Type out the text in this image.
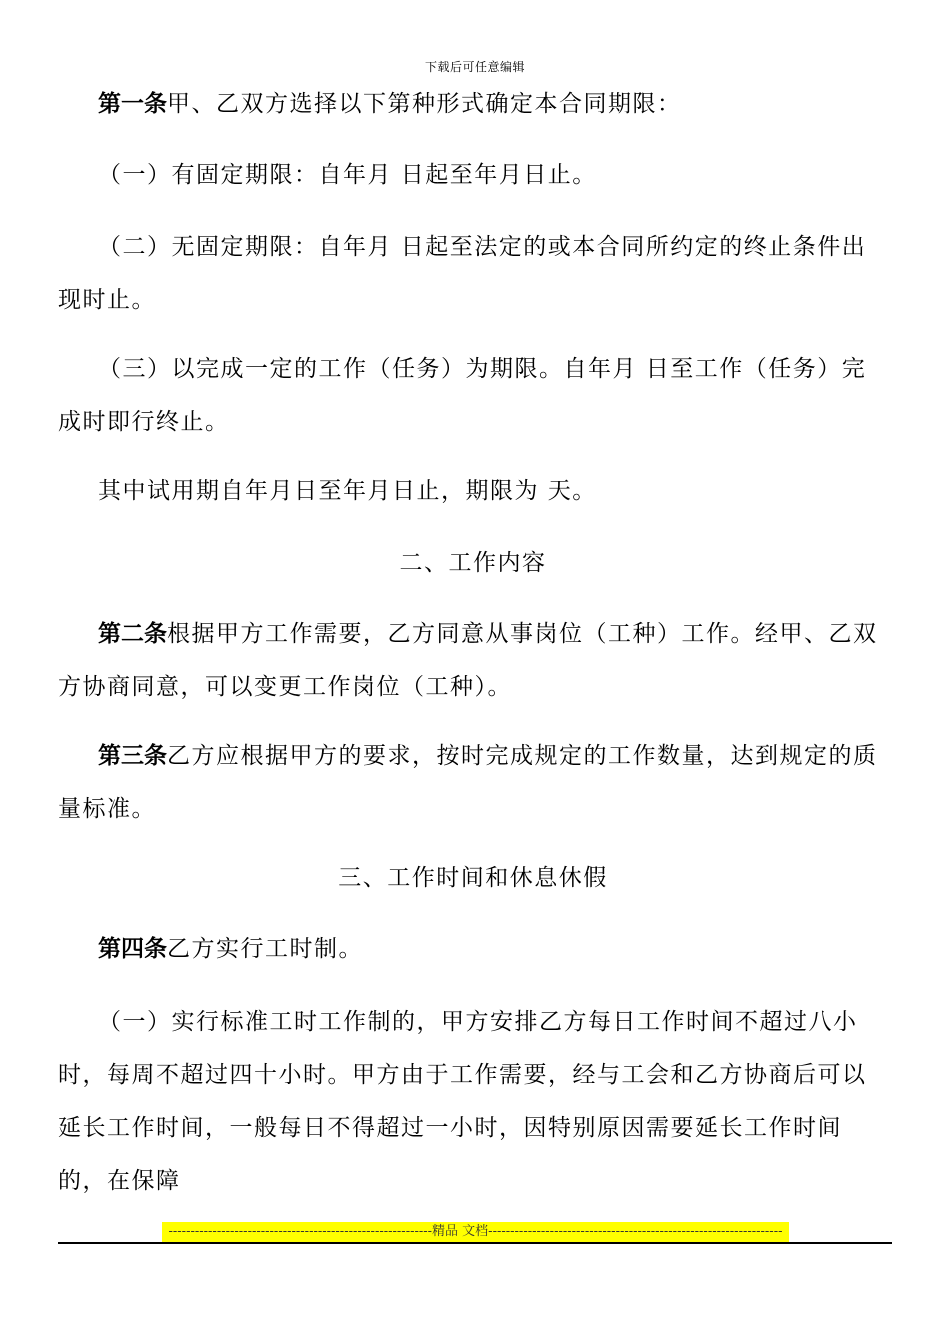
下载后可任意编辑

第一条甲、乙双方选择以下第种形式确定本合同期限：

（一）有固定期限：自年月 日起至年月日止。

（二）无固定期限：自年月 日起至法定的或本合同所约定的终止条件出现时止。

（三）以完成一定的工作（任务）为期限。自年月 日至工作（任务）完成时即行终止。

其中试用期自年月日至年月日止，期限为 天。

二、工作内容

第二条根据甲方工作需要，乙方同意从事岗位（工种）工作。经甲、乙双方协商同意，可以变更工作岗位（工种）。

第三条乙方应根据甲方的要求，按时完成规定的工作数量，达到规定的质量标准。

三、工作时间和休息休假

第四条乙方实行工时制。

（一）实行标准工时工作制的，甲方安排乙方每日工作时间不超过八小时，每周不超过四十小时。甲方由于工作需要，经与工会和乙方协商后可以延长工作时间，一般每日不得超过一小时，因特别原因需要延长工作时间的，在保障

------------------------------------------------------------精品 文档-------------------------------------------------------------------
